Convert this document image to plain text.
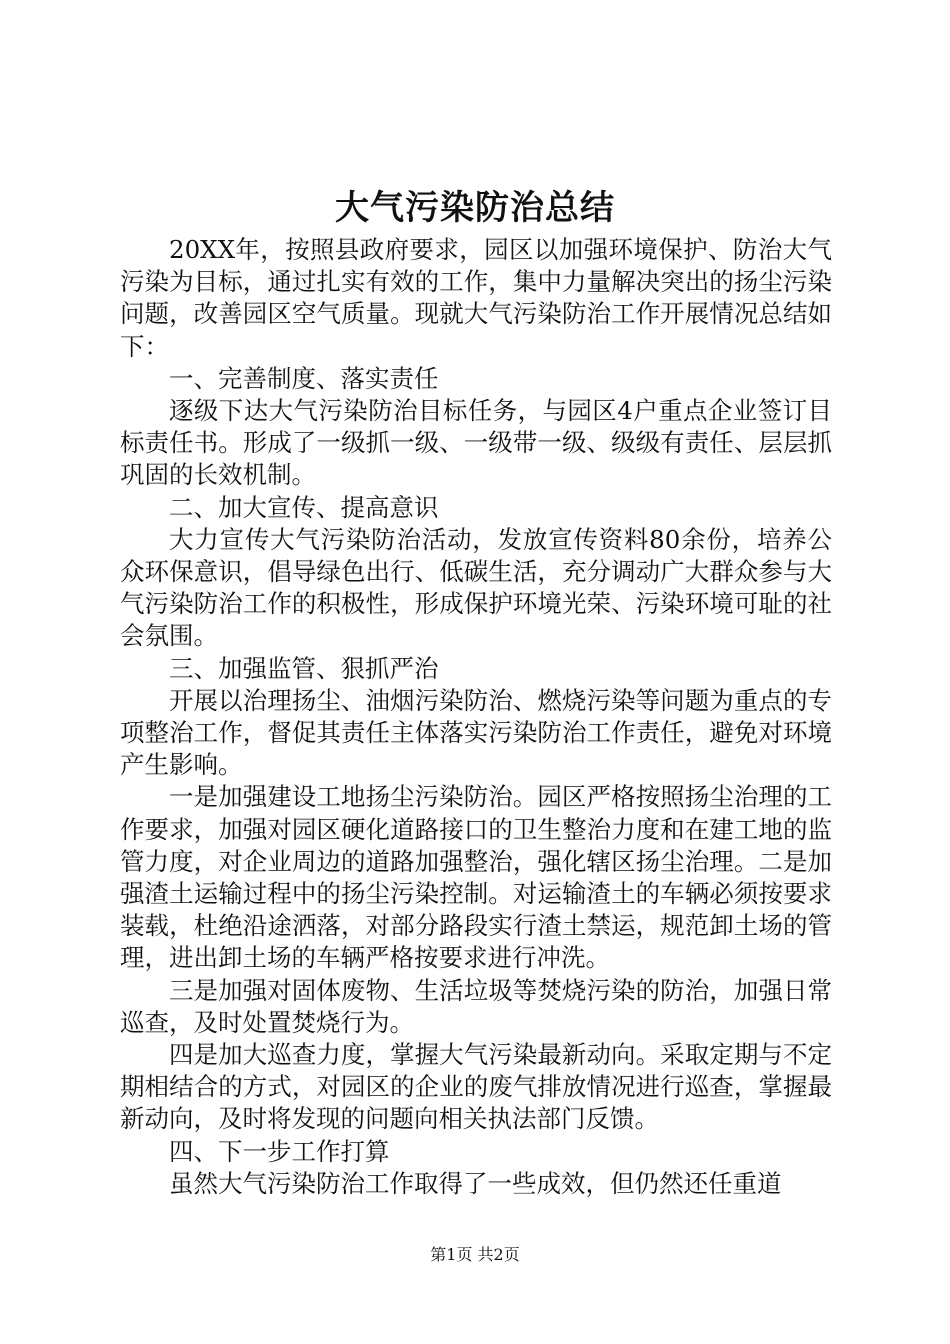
大气污染防治总结

20XX年，按照县政府要求，园区以加强环境保护、防治大气污染为目标，通过扎实有效的工作，集中力量解决突出的扬尘污染问题，改善园区空气质量。现就大气污染防治工作开展情况总结如下：

一、完善制度、落实责任

逐级下达大气污染防治目标任务，与园区4户重点企业签订目标责任书。形成了一级抓一级、一级带一级、级级有责任、层层抓巩固的长效机制。

二、加大宣传、提高意识

大力宣传大气污染防治活动，发放宣传资料80余份，培养公众环保意识，倡导绿色出行、低碳生活，充分调动广大群众参与大气污染防治工作的积极性，形成保护环境光荣、污染环境可耻的社会氛围。

三、加强监管、狠抓严治

开展以治理扬尘、油烟污染防治、燃烧污染等问题为重点的专项整治工作，督促其责任主体落实污染防治工作责任，避免对环境产生影响。

一是加强建设工地扬尘污染防治。园区严格按照扬尘治理的工作要求，加强对园区硬化道路接口的卫生整治力度和在建工地的监管力度，对企业周边的道路加强整治，强化辖区扬尘治理。二是加强渣土运输过程中的扬尘污染控制。对运输渣土的车辆必须按要求装载，杜绝沿途洒落，对部分路段实行渣土禁运，规范卸土场的管理，进出卸土场的车辆严格按要求进行冲洗。

三是加强对固体废物、生活垃圾等焚烧污染的防治，加强日常巡查，及时处置焚烧行为。

四是加大巡查力度，掌握大气污染最新动向。采取定期与不定期相结合的方式，对园区的企业的废气排放情况进行巡查，掌握最新动向，及时将发现的问题向相关执法部门反馈。

四、下一步工作打算

虽然大气污染防治工作取得了一些成效，但仍然还任重道

第1页 共2页
